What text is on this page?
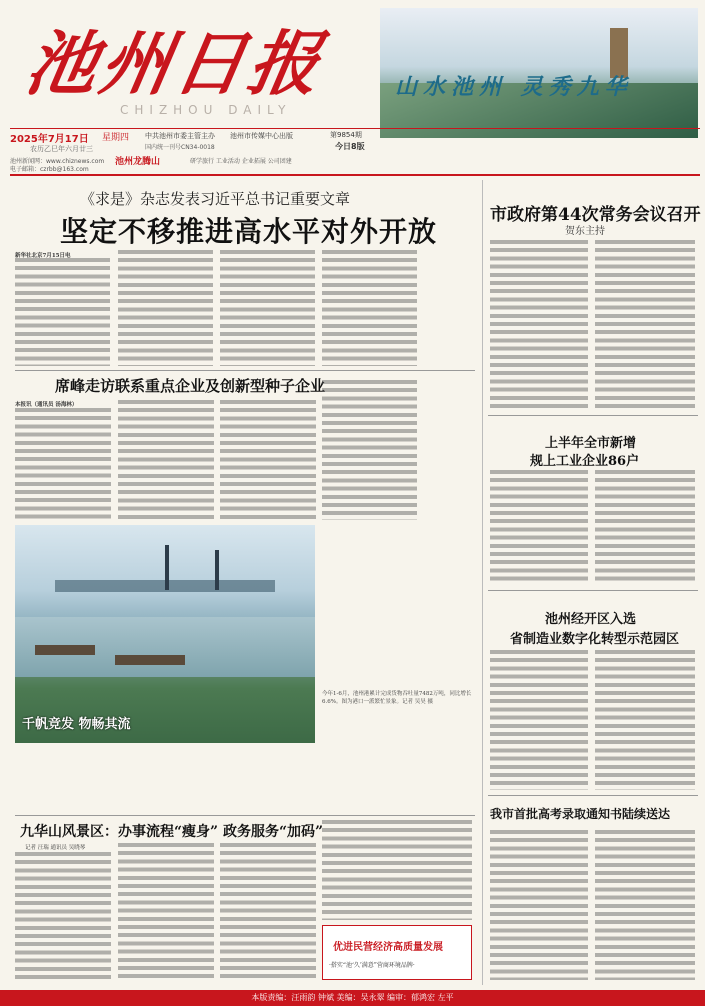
池州日报
CHIZHOU DAILY
山水池州 灵秀九华
2025年7月17日 星期四
农历乙巳年六月廿三
中共池州市委主管主办 池州市传媒中心出版
国内统一刊号CN34-0018
第9854期
今日8版
池州新闻网：www.chiznews.com
电子邮箱：czrbb@163.com
池州龙腾山	研学旅行 工业活动 企业拓展 公司团建
《求是》杂志发表习近平总书记重要文章
坚定不移推进高水平对外开放
新华社北京7月15日电
席峰走访联系重点企业及创新型种子企业
本报讯（通讯员 汤海林）
千帆竞发 物畅其流
今年1-6月，池州港累计完成货物吞吐量7482万吨，同比增长6.6%。图为港口一派繁忙景象。记者 吴昊 摄
九华山风景区：办事流程“瘦身” 政务服务“加码”
记者 汪瑞 通讯员 吴晓琴
优进民营经济高质量发展
·搭实“池‘久’满意”营商环境品牌·
市政府第44次常务会议召开
贺东主持
上半年全市新增
规上工业企业86户
池州经开区入选
省制造业数字化转型示范园区
我市首批高考录取通知书陆续送达
本版责编：汪雨韵 钟斌 美编：吴永翠 编审：郁鸿宏 左平
